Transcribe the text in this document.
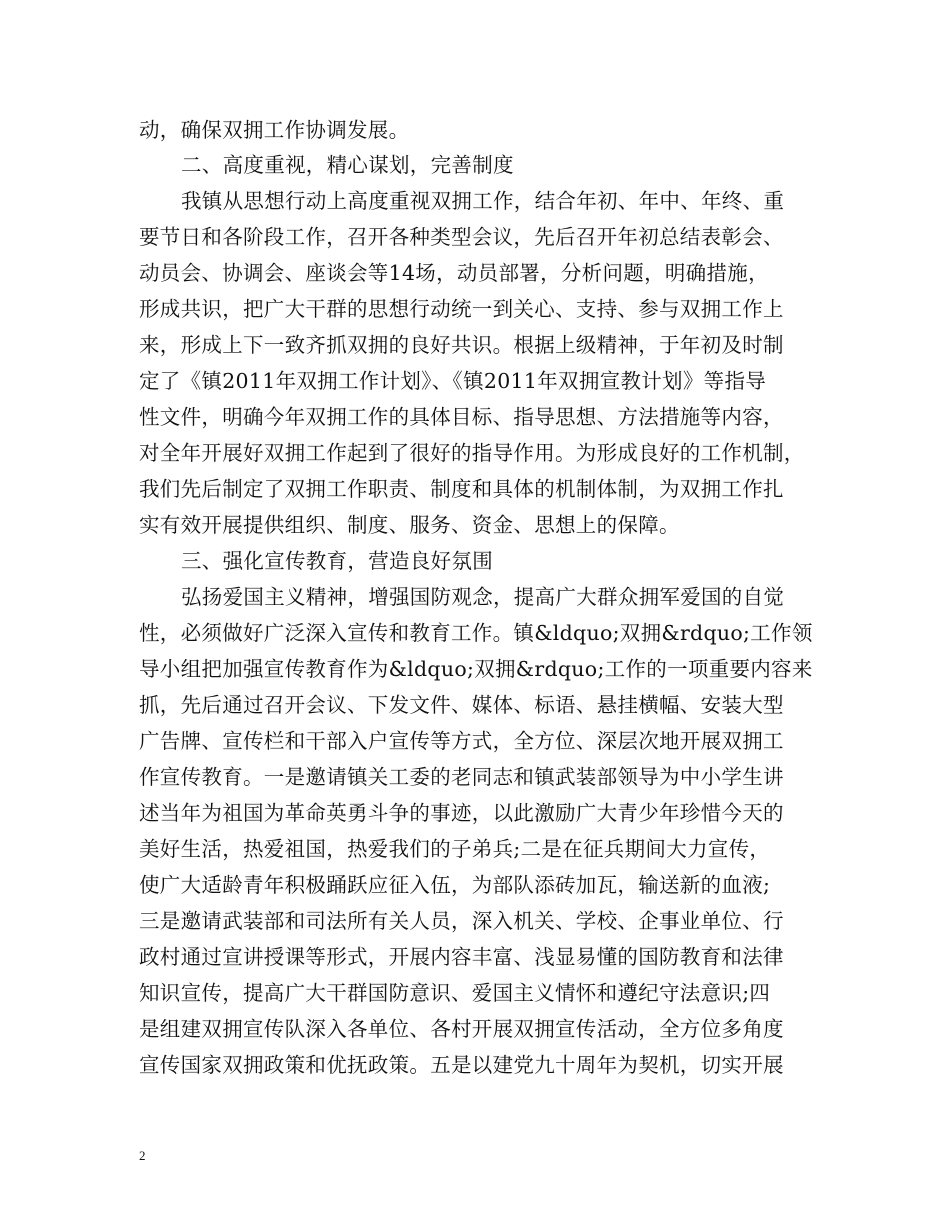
动，确保双拥工作协调发展。
二、高度重视，精心谋划，完善制度
我镇从思想行动上高度重视双拥工作，结合年初、年中、年终、重
要节日和各阶段工作，召开各种类型会议，先后召开年初总结表彰会、
动员会、协调会、座谈会等14场，动员部署，分析问题，明确措施，
形成共识，把广大干群的思想行动统一到关心、支持、参与双拥工作上
来，形成上下一致齐抓双拥的良好共识。根据上级精神，于年初及时制
定了《镇2011年双拥工作计划》、《镇2011年双拥宣教计划》等指导
性文件，明确今年双拥工作的具体目标、指导思想、方法措施等内容，
对全年开展好双拥工作起到了很好的指导作用。为形成良好的工作机制，
我们先后制定了双拥工作职责、制度和具体的机制体制，为双拥工作扎
实有效开展提供组织、制度、服务、资金、思想上的保障。
三、强化宣传教育，营造良好氛围
弘扬爱国主义精神，增强国防观念，提高广大群众拥军爱国的自觉
性，必须做好广泛深入宣传和教育工作。镇&ldquo;双拥&rdquo;工作领
导小组把加强宣传教育作为&ldquo;双拥&rdquo;工作的一项重要内容来
抓，先后通过召开会议、下发文件、媒体、标语、悬挂横幅、安装大型
广告牌、宣传栏和干部入户宣传等方式，全方位、深层次地开展双拥工
作宣传教育。一是邀请镇关工委的老同志和镇武装部领导为中小学生讲
述当年为祖国为革命英勇斗争的事迹，以此激励广大青少年珍惜今天的
美好生活，热爱祖国，热爱我们的子弟兵;二是在征兵期间大力宣传，
使广大适龄青年积极踊跃应征入伍，为部队添砖加瓦，输送新的血液;
三是邀请武装部和司法所有关人员，深入机关、学校、企事业单位、行
政村通过宣讲授课等形式，开展内容丰富、浅显易懂的国防教育和法律
知识宣传，提高广大干群国防意识、爱国主义情怀和遵纪守法意识;四
是组建双拥宣传队深入各单位、各村开展双拥宣传活动，全方位多角度
宣传国家双拥政策和优抚政策。五是以建党九十周年为契机，切实开展
2
